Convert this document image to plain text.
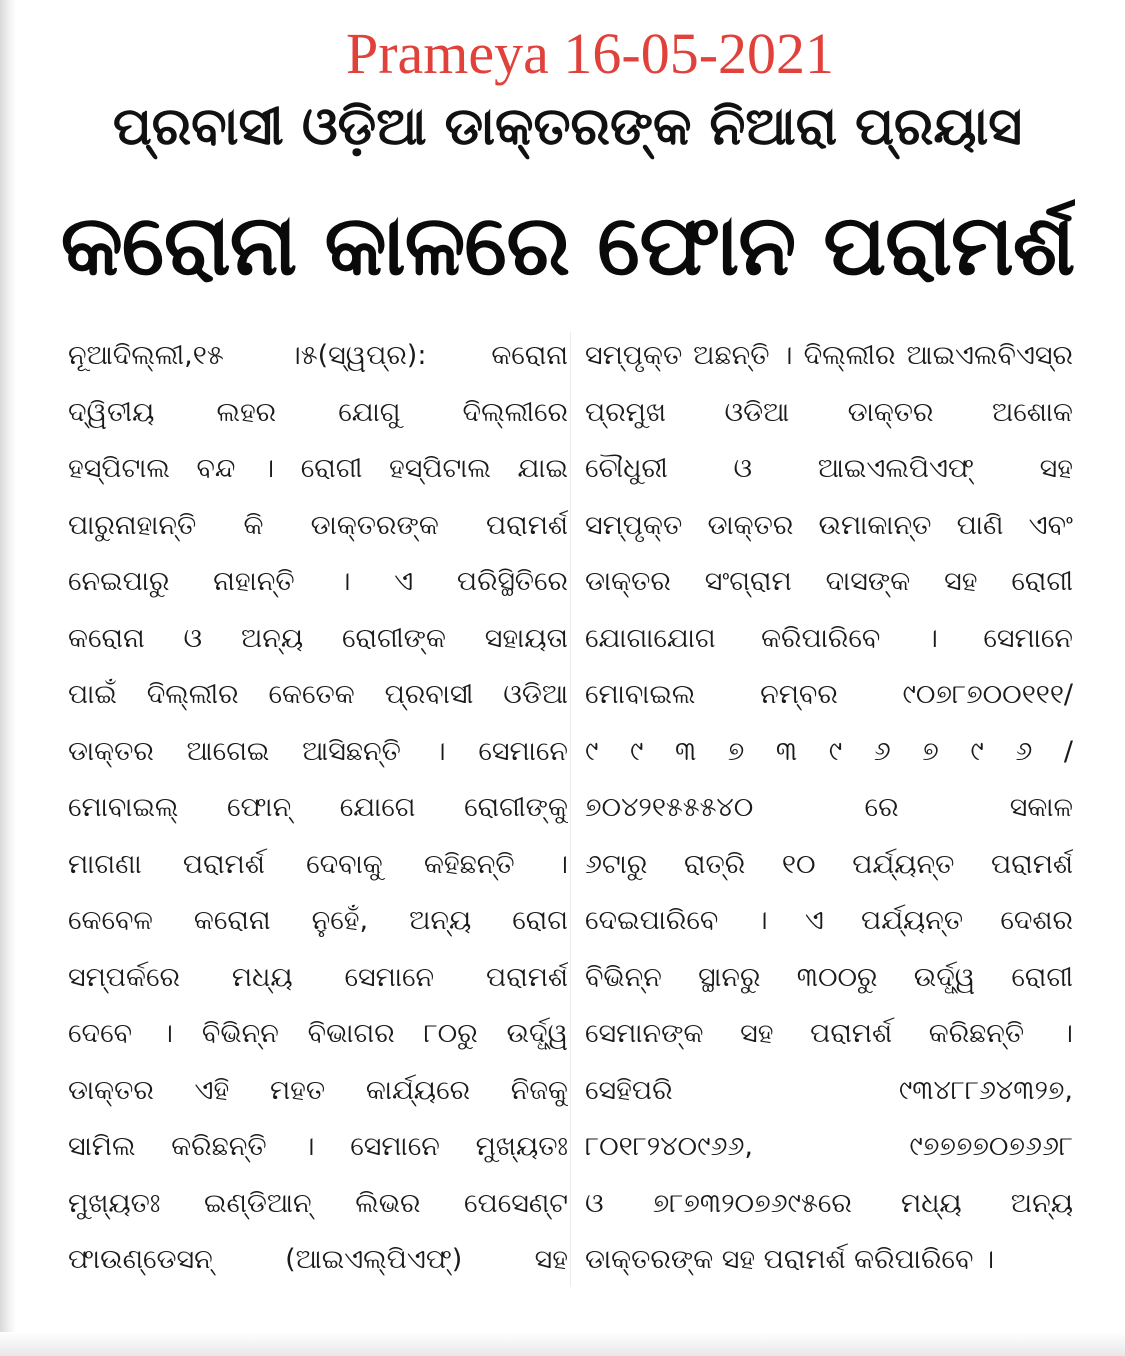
Prameya 16-05-2021
ପ୍ରବାସୀ ଓଡ଼ିଆ ଡାକ୍ତରଙ୍କ ନିଆରା ପ୍ରୟାସ
କରୋନା କାଳରେ ଫୋନ ପରାମର୍ଶ
ନୂଆଦିଲ୍ଲୀ,୧୫ ।୫(ସ୍ୱପ୍ର): କରୋନା
ଦ୍ୱିତୀୟ ଲହର ଯୋଗୁ ଦିଲ୍ଲୀରେ
ହସ୍ପିଟାଲ ବନ୍ଦ । ରୋଗୀ ହସ୍ପିଟାଲ ଯାଇ
ପାରୁନାହାନ୍ତି କି ଡାକ୍ତରଙ୍କ ପରାମର୍ଶ
ନେଇପାରୁ ନାହାନ୍ତି । ଏ ପରିସ୍ଥିତିରେ
କରୋନା ଓ ଅନ୍ୟ ରୋଗୀଙ୍କ ସହାୟତା
ପାଇଁ ଦିଲ୍ଲୀର କେତେକ ପ୍ରବାସୀ ଓଡିଆ
ଡାକ୍ତର ଆଗେଇ ଆସିଛନ୍ତି । ସେମାନେ
ମୋବାଇଲ୍ ଫୋନ୍ ଯୋଗେ ରୋଗୀଙ୍କୁ
ମାଗଣା ପରାମର୍ଶ ଦେବାକୁ କହିଛନ୍ତି ।
କେବେଳ କରୋନା ନୁହେଁ, ଅନ୍ୟ ରୋଗ
ସମ୍ପର୍କରେ ମଧ୍ୟ ସେମାନେ ପରାମର୍ଶ
ଦେବେ । ବିଭିନ୍ନ ବିଭାଗର ୮୦ରୁ ଉର୍ଦ୍ଧ୍ୱ
ଡାକ୍ତର ଏହି ମହତ କାର୍ଯ୍ୟରେ ନିଜକୁ
ସାମିଲ କରିଛନ୍ତି । ସେମାନେ ମୁଖ୍ୟତଃ
ମୁଖ୍ୟତଃ ଇଣ୍ଡିଆନ୍ ଲିଭର ପେସେଣ୍ଟ
ଫାଉଣ୍ଡେସନ୍ (ଆଇଏଲ୍‌ପିଏଫ୍) ସହ
ସମ୍ପୃକ୍ତ ଅଛନ୍ତି । ଦିଲ୍ଲୀର ଆଇଏଲବିଏସ୍‌ର
ପ୍ରମୁଖ ଓଡିଆ ଡାକ୍ତର ଅଶୋକ
ଚୌଧୁରୀ ଓ ଆଇଏଲପିଏଫ୍ ସହ
ସମ୍ପୃକ୍ତ ଡାକ୍ତର ଉମାକାନ୍ତ ପାଣି ଏବଂ
ଡାକ୍ତର ସଂଗ୍ରାମ ଦାସଙ୍କ ସହ ରୋଗୀ
ଯୋଗାଯୋଗ କରିପାରିବେ । ସେମାନେ
ମୋବାଇଲ ନମ୍ବର ୯୦୭୮୭୦୦୧୧୧/
୯ ୯ ୩ ୭ ୩ ୯ ୬ ୭ ୯ ୬ /
୭୦୪୨୧୫୫୫୪୦ ରେ ସକାଳ
୬ଟାରୁ ରାତ୍ରି ୧୦ ପର୍ଯ୍ୟନ୍ତ ପରାମର୍ଶ
ଦେଇପାରିବେ । ଏ ପର୍ଯ୍ୟନ୍ତ ଦେଶର
ବିଭିନ୍ନ ସ୍ଥାନରୁ ୩୦୦ରୁ ଉର୍ଦ୍ଧ୍ୱ ରୋଗୀ
ସେମାନଙ୍କ ସହ ପରାମର୍ଶ କରିଛନ୍ତି ।
ସେହିପରି ୯୩୪୮୮୬୪୩୨୭,
୮୦୧୮୨୪୦୯୬୬, ୯୭୭୭୭୦୭୬୬୮
ଓ ୭୮୭୩୨୦୭୬୯୫ରେ ମଧ୍ୟ ଅନ୍ୟ
ଡାକ୍ତରଙ୍କ ସହ ପରାମର୍ଶ କରିପାରିବେ ।
